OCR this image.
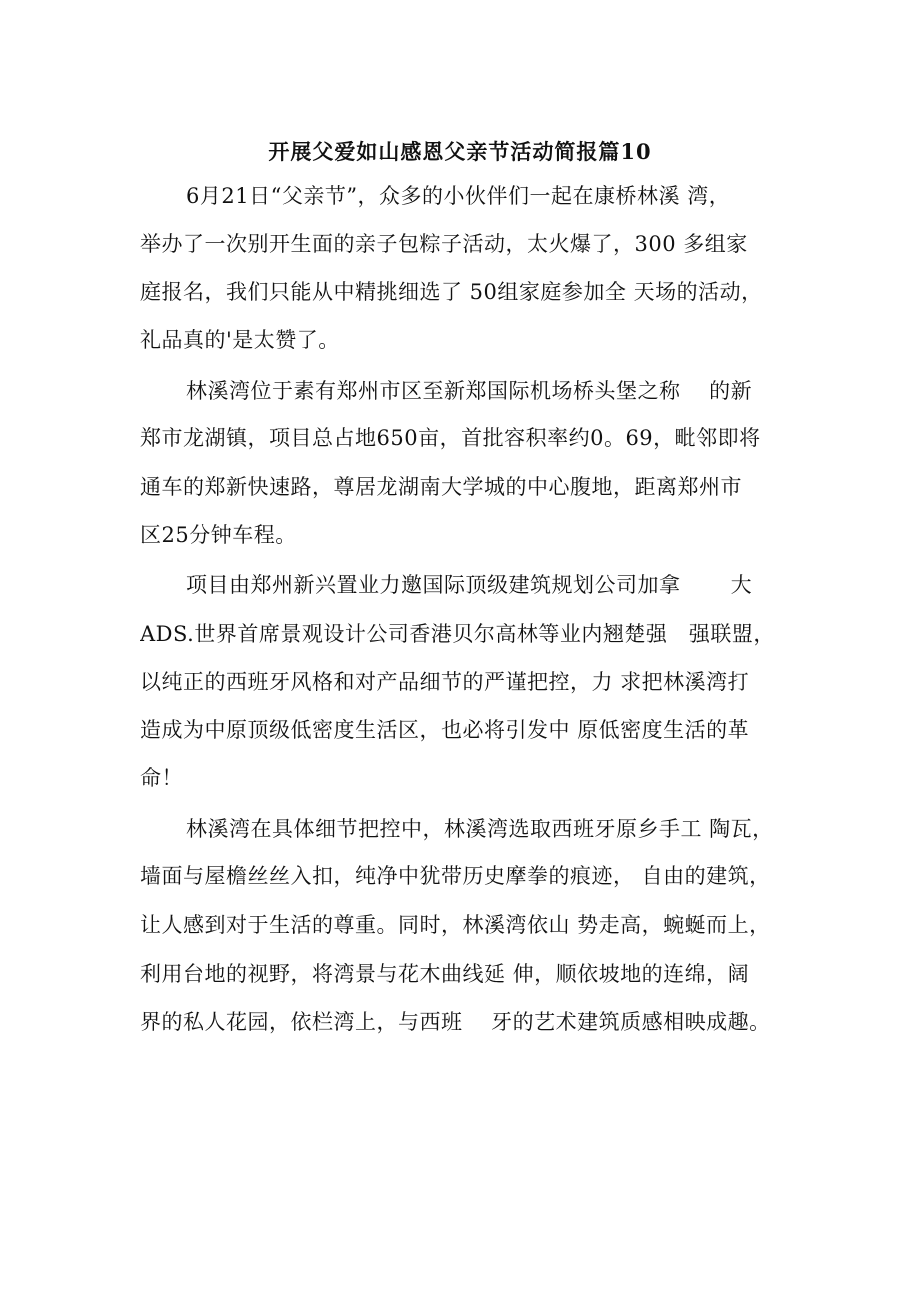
开展父爱如山感恩父亲节活动简报篇10
6月21日“父亲节”，众多的小伙伴们一起在康桥林溪 湾，
举办了一次别开生面的亲子包粽子活动，太火爆了，300 多组家
庭报名，我们只能从中精挑细选了 50组家庭参加全 天场的活动，
礼品真的'是太赞了。
林溪湾位于素有郑州市区至新郑国际机场桥头堡之称　 的新
郑市龙湖镇，项目总占地650亩，首批容积率约0。69，毗邻即将
通车的郑新快速路，尊居龙湖南大学城的中心腹地，距离郑州市
区25分钟车程。
项目由郑州新兴置业力邀国际顶级建筑规划公司加拿　　 大
ADS.世界首席景观设计公司香港贝尔高林等业内翘楚强　强联盟，
以纯正的西班牙风格和对产品细节的严谨把控，力 求把林溪湾打
造成为中原顶级低密度生活区，也必将引发中 原低密度生活的革
命！
林溪湾在具体细节把控中，林溪湾选取西班牙原乡手工 陶瓦，
墙面与屋檐丝丝入扣，纯净中犹带历史摩拳的痕迹， 自由的建筑，
让人感到对于生活的尊重。同时，林溪湾依山 势走高，蜿蜒而上，
利用台地的视野，将湾景与花木曲线延 伸，顺依坡地的连绵，阔
界的私人花园，依栏湾上，与西班　 牙的艺术建筑质感相映成趣。
